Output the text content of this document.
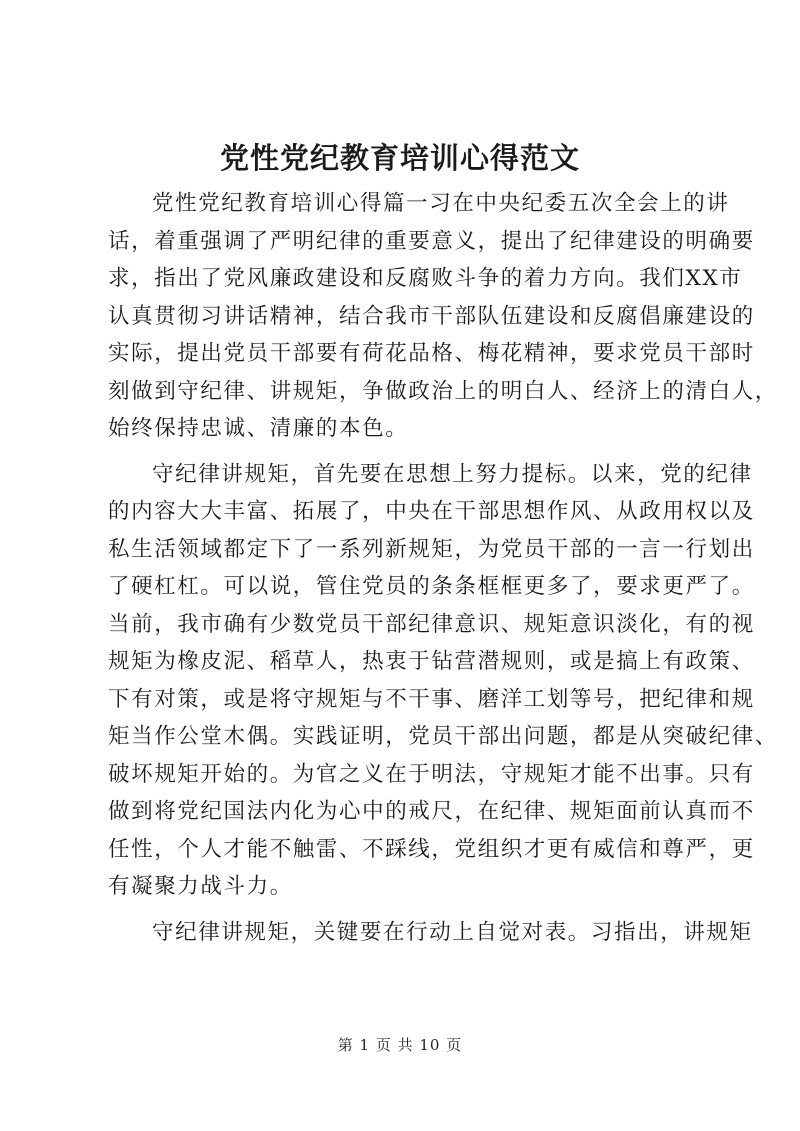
党性党纪教育培训心得范文
党性党纪教育培训心得篇一习在中央纪委五次全会上的讲
话，着重强调了严明纪律的重要意义，提出了纪律建设的明确要
求，指出了党风廉政建设和反腐败斗争的着力方向。我们XX市
认真贯彻习讲话精神，结合我市干部队伍建设和反腐倡廉建设的
实际，提出党员干部要有荷花品格、梅花精神，要求党员干部时
刻做到守纪律、讲规矩，争做政治上的明白人、经济上的清白人，
始终保持忠诚、清廉的本色。
守纪律讲规矩，首先要在思想上努力提标。以来，党的纪律
的内容大大丰富、拓展了，中央在干部思想作风、从政用权以及
私生活领域都定下了一系列新规矩，为党员干部的一言一行划出
了硬杠杠。可以说，管住党员的条条框框更多了，要求更严了。
当前，我市确有少数党员干部纪律意识、规矩意识淡化，有的视
规矩为橡皮泥、稻草人，热衷于钻营潜规则，或是搞上有政策、
下有对策，或是将守规矩与不干事、磨洋工划等号，把纪律和规
矩当作公堂木偶。实践证明，党员干部出问题，都是从突破纪律、
破坏规矩开始的。为官之义在于明法，守规矩才能不出事。只有
做到将党纪国法内化为心中的戒尺，在纪律、规矩面前认真而不
任性，个人才能不触雷、不踩线，党组织才更有威信和尊严，更
有凝聚力战斗力。
守纪律讲规矩，关键要在行动上自觉对表。习指出，讲规矩
第 1 页 共 10 页
